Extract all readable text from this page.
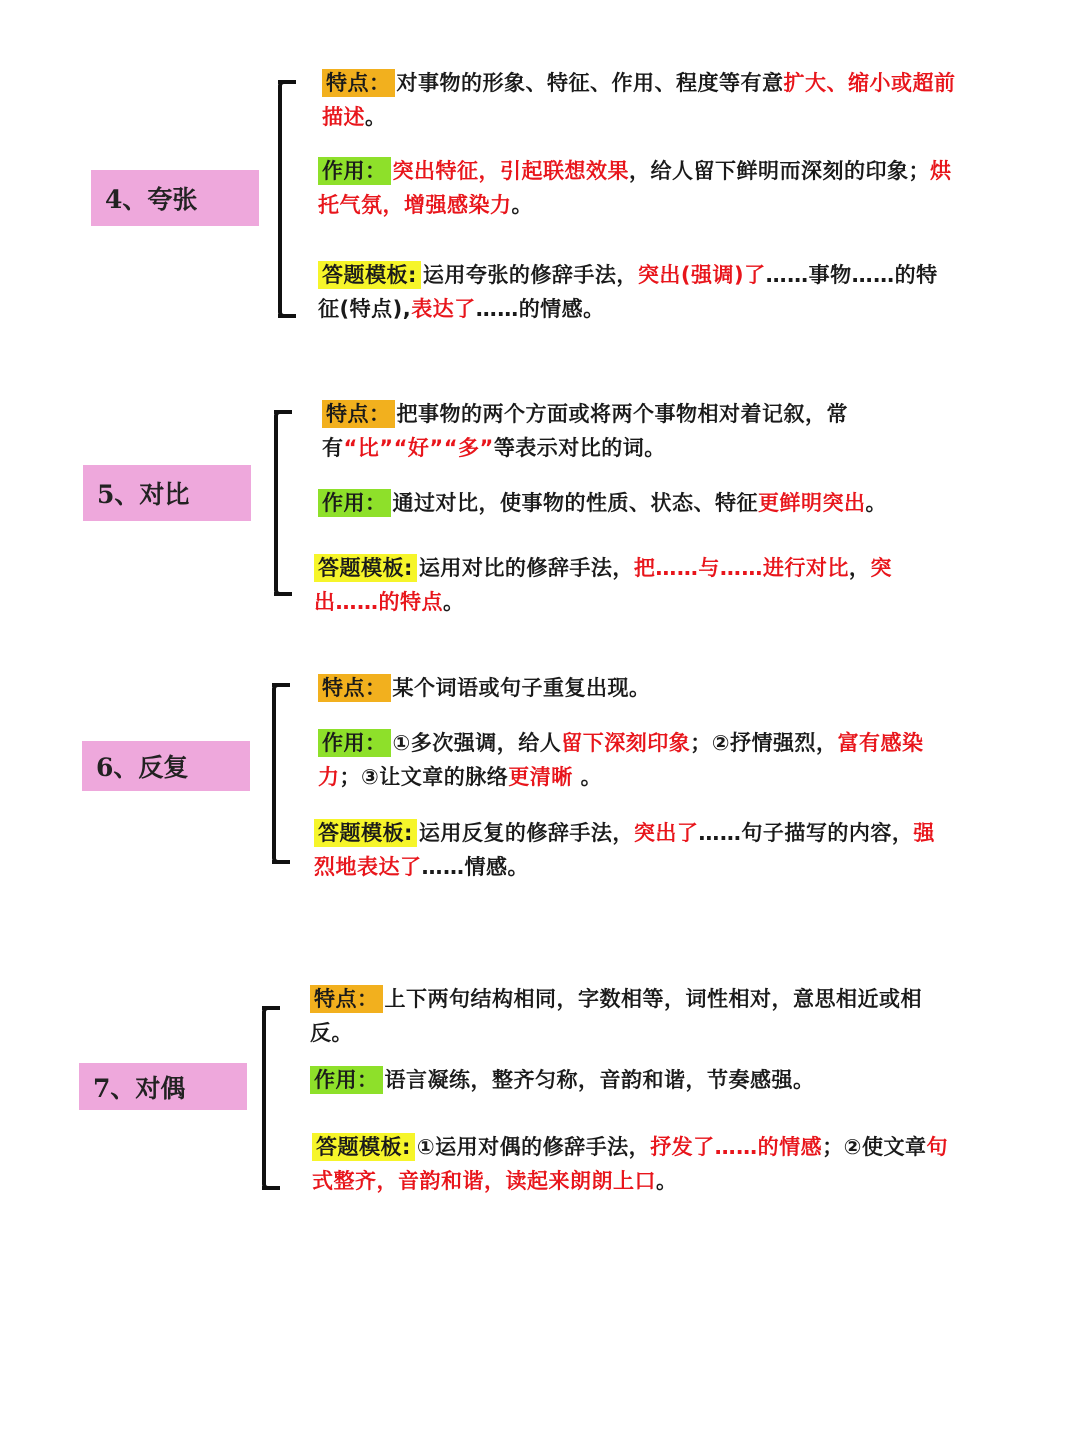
4、夸张
特点： 对事物的形象、特征、作用、程度等有意扩大、缩小或超前描述。
作用： 突出特征，引起联想效果，给人留下鲜明而深刻的印象；烘托气氛，增强感染力。
答题模板: 运用夸张的修辞手法，突出(强调)了……事物……的特征(特点),表达了……的情感。
5、对比
特点： 把事物的两个方面或将两个事物相对着记叙，常有“比”“好”“多”等表示对比的词。
作用： 通过对比，使事物的性质、状态、特征更鲜明突出。
答题模板: 运用对比的修辞手法，把……与……进行对比，突出……的特点。
6、反复
特点： 某个词语或句子重复出现。
作用： ①多次强调，给人留下深刻印象；②抒情强烈，富有感染力；③让文章的脉络更清晰 。
答题模板: 运用反复的修辞手法，突出了……句子描写的内容，强烈地表达了……情感。
7、对偶
特点： 上下两句结构相同，字数相等，词性相对，意思相近或相反。
作用： 语言凝练，整齐匀称，音韵和谐，节奏感强。
答题模板: ①运用对偶的修辞手法，抒发了……的情感；②使文章句式整齐，音韵和谐，读起来朗朗上口。
